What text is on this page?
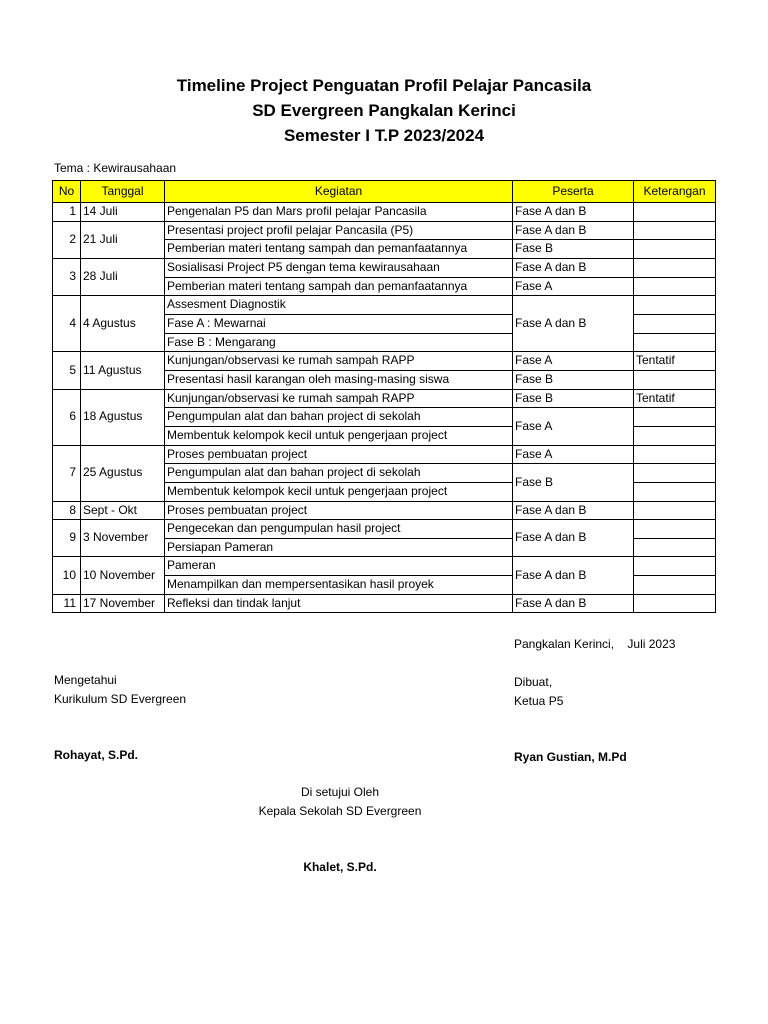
Timeline Project Penguatan Profil Pelajar Pancasila
SD Evergreen Pangkalan Kerinci
Semester I T.P 2023/2024
Tema : Kewirausahaan
No	Tanggal	Kegiatan	Peserta	Keterangan
1	14 Juli	Pengenalan P5 dan Mars profil pelajar Pancasila	Fase A dan B	
2	21 Juli	Presentasi project profil pelajar Pancasila (P5)	Fase A dan B	
		Pemberian materi tentang sampah dan pemanfaatannya	Fase B	
3	28 Juli	Sosialisasi Project P5 dengan tema kewirausahaan	Fase A dan B	
		Pemberian materi tentang sampah dan pemanfaatannya	Fase A	
4	4 Agustus	Assesment Diagnostik	Fase A dan B	
		Fase A : Mewarnai		
		Fase B : Mengarang		
5	11 Agustus	Kunjungan/observasi ke rumah sampah RAPP	Fase A	Tentatif
		Presentasi hasil karangan oleh masing-masing siswa	Fase B	
6	18 Agustus	Kunjungan/observasi ke rumah sampah RAPP	Fase B	Tentatif
		Pengumpulan alat dan bahan project di sekolah	Fase A	
		Membentuk kelompok kecil untuk pengerjaan project		
7	25 Agustus	Proses pembuatan project	Fase A	
		Pengumpulan alat dan bahan project di sekolah	Fase B	
		Membentuk kelompok kecil untuk pengerjaan project		
8	Sept - Okt	Proses pembuatan project	Fase A dan B	
9	3 November	Pengecekan dan pengumpulan hasil project	Fase A dan B	
		Persiapan Pameran		
10	10 November	Pameran	Fase A dan B	
		Menampilkan dan mempersentasikan hasil proyek		
11	17 November	Refleksi dan tindak lanjut	Fase A dan B	
Pangkalan Kerinci,    Juli 2023
Mengetahui
Kurikulum SD Evergreen
Rohayat, S.Pd.
Dibuat,
Ketua P5
Ryan Gustian, M.Pd
Di setujui Oleh
Kepala Sekolah SD Evergreen
Khalet, S.Pd.
